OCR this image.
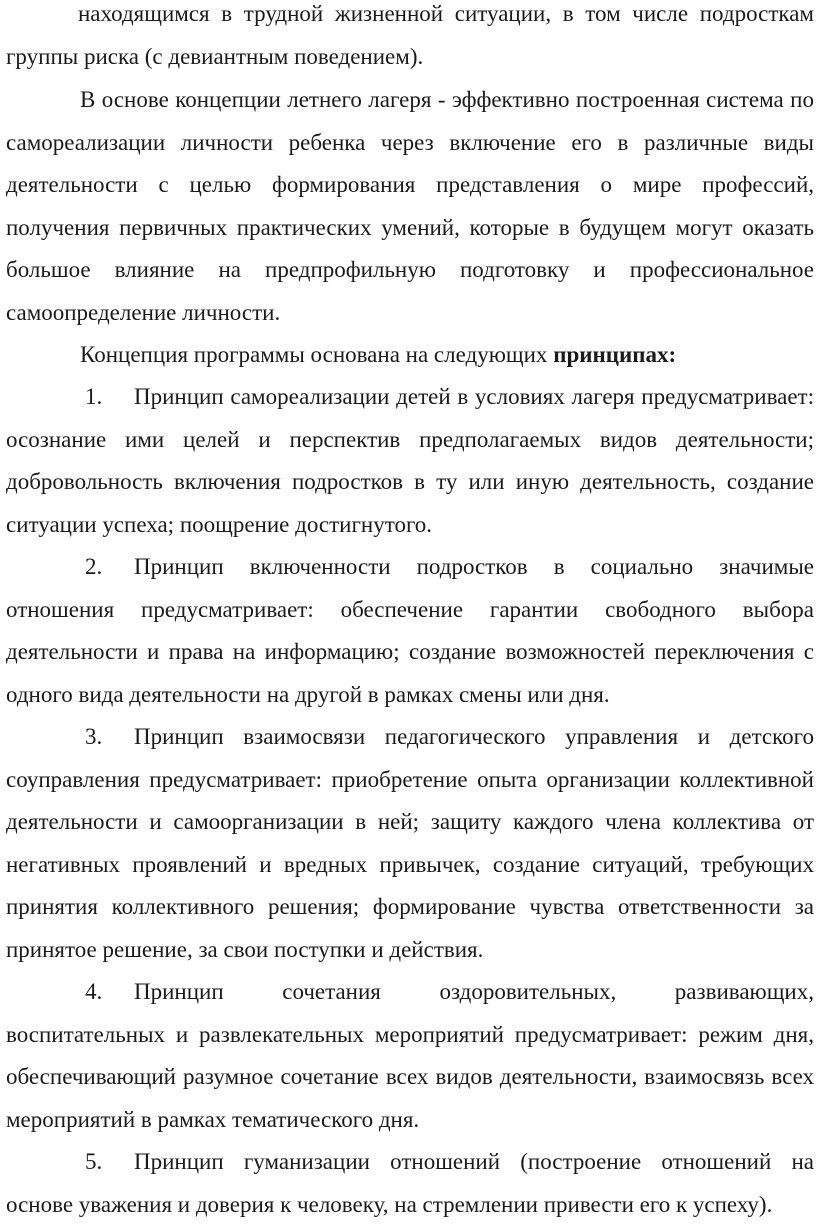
находящимся в трудной жизненной ситуации, в том числе подросткам группы риска (с девиантным поведением).

В основе концепции летнего лагеря - эффективно построенная система по самореализации личности ребенка через включение его в различные виды деятельности с целью формирования представления о мире профессий, получения первичных практических умений, которые в будущем могут оказать большое влияние на предпрофильную подготовку и профессиональное самоопределение личности.

Концепция программы основана на следующих принципах:

1. Принцип самореализации детей в условиях лагеря предусматривает: осознание ими целей и перспектив предполагаемых видов деятельности; добровольность включения подростков в ту или иную деятельность, создание ситуации успеха; поощрение достигнутого.

2. Принцип включенности подростков в социально значимые отношения предусматривает: обеспечение гарантии свободного выбора деятельности и права на информацию; создание возможностей переключения с одного вида деятельности на другой в рамках смены или дня.

3. Принцип взаимосвязи педагогического управления и детского соуправления предусматривает: приобретение опыта организации коллективной деятельности и самоорганизации в ней; защиту каждого члена коллектива от негативных проявлений и вредных привычек, создание ситуаций, требующих принятия коллективного решения; формирование чувства ответственности за принятое решение, за свои поступки и действия.

4. Принцип сочетания оздоровительных, развивающих, воспитательных и развлекательных мероприятий предусматривает: режим дня, обеспечивающий разумное сочетание всех видов деятельности, взаимосвязь всех мероприятий в рамках тематического дня.

5. Принцип гуманизации отношений (построение отношений на основе уважения и доверия к человеку, на стремлении привести его к успеху).
